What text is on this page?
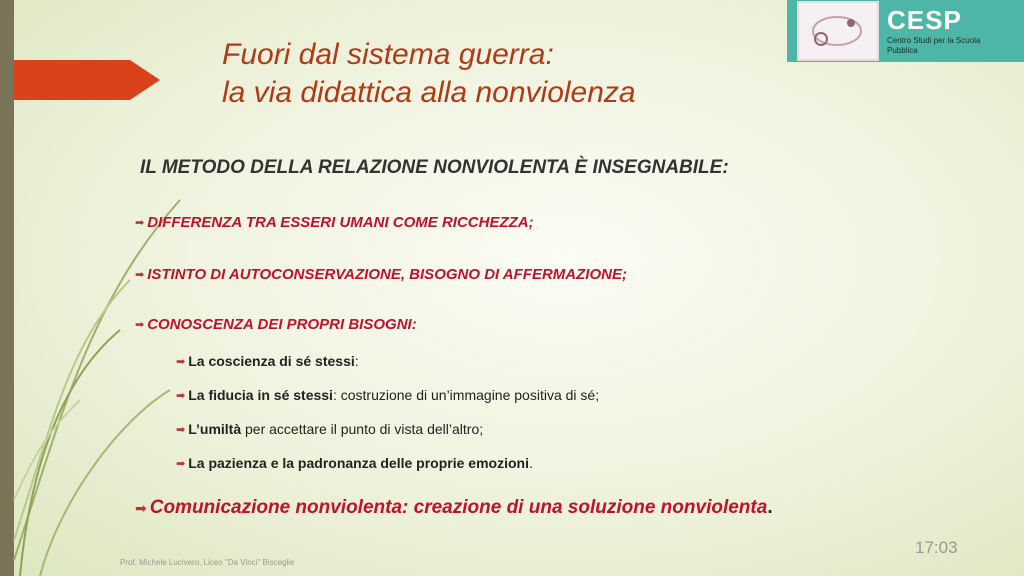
CESP
Centro Studi per la Scuola Pubblica
Fuori dal sistema guerra:
la via didattica alla nonviolenza
IL METODO DELLA RELAZIONE NONVIOLENTA È INSEGNABILE:
➡ DIFFERENZA TRA ESSERI UMANI COME RICCHEZZA;
➡ ISTINTO DI AUTOCONSERVAZIONE, BISOGNO DI AFFERMAZIONE;
➡ CONOSCENZA DEI PROPRI BISOGNI:
➡ La coscienza di sé stessi:
➡ La fiducia in sé stessi: costruzione di un’immagine positiva di sé;
➡ L’umiltà per accettare il punto di vista dell’altro;
➡ La pazienza e la padronanza delle proprie emozioni.
➡ Comunicazione nonviolenta: creazione di una soluzione nonviolenta .
Prof. Michele Lucivero, Liceo "Da Vinci" Bisceglie
17:03
